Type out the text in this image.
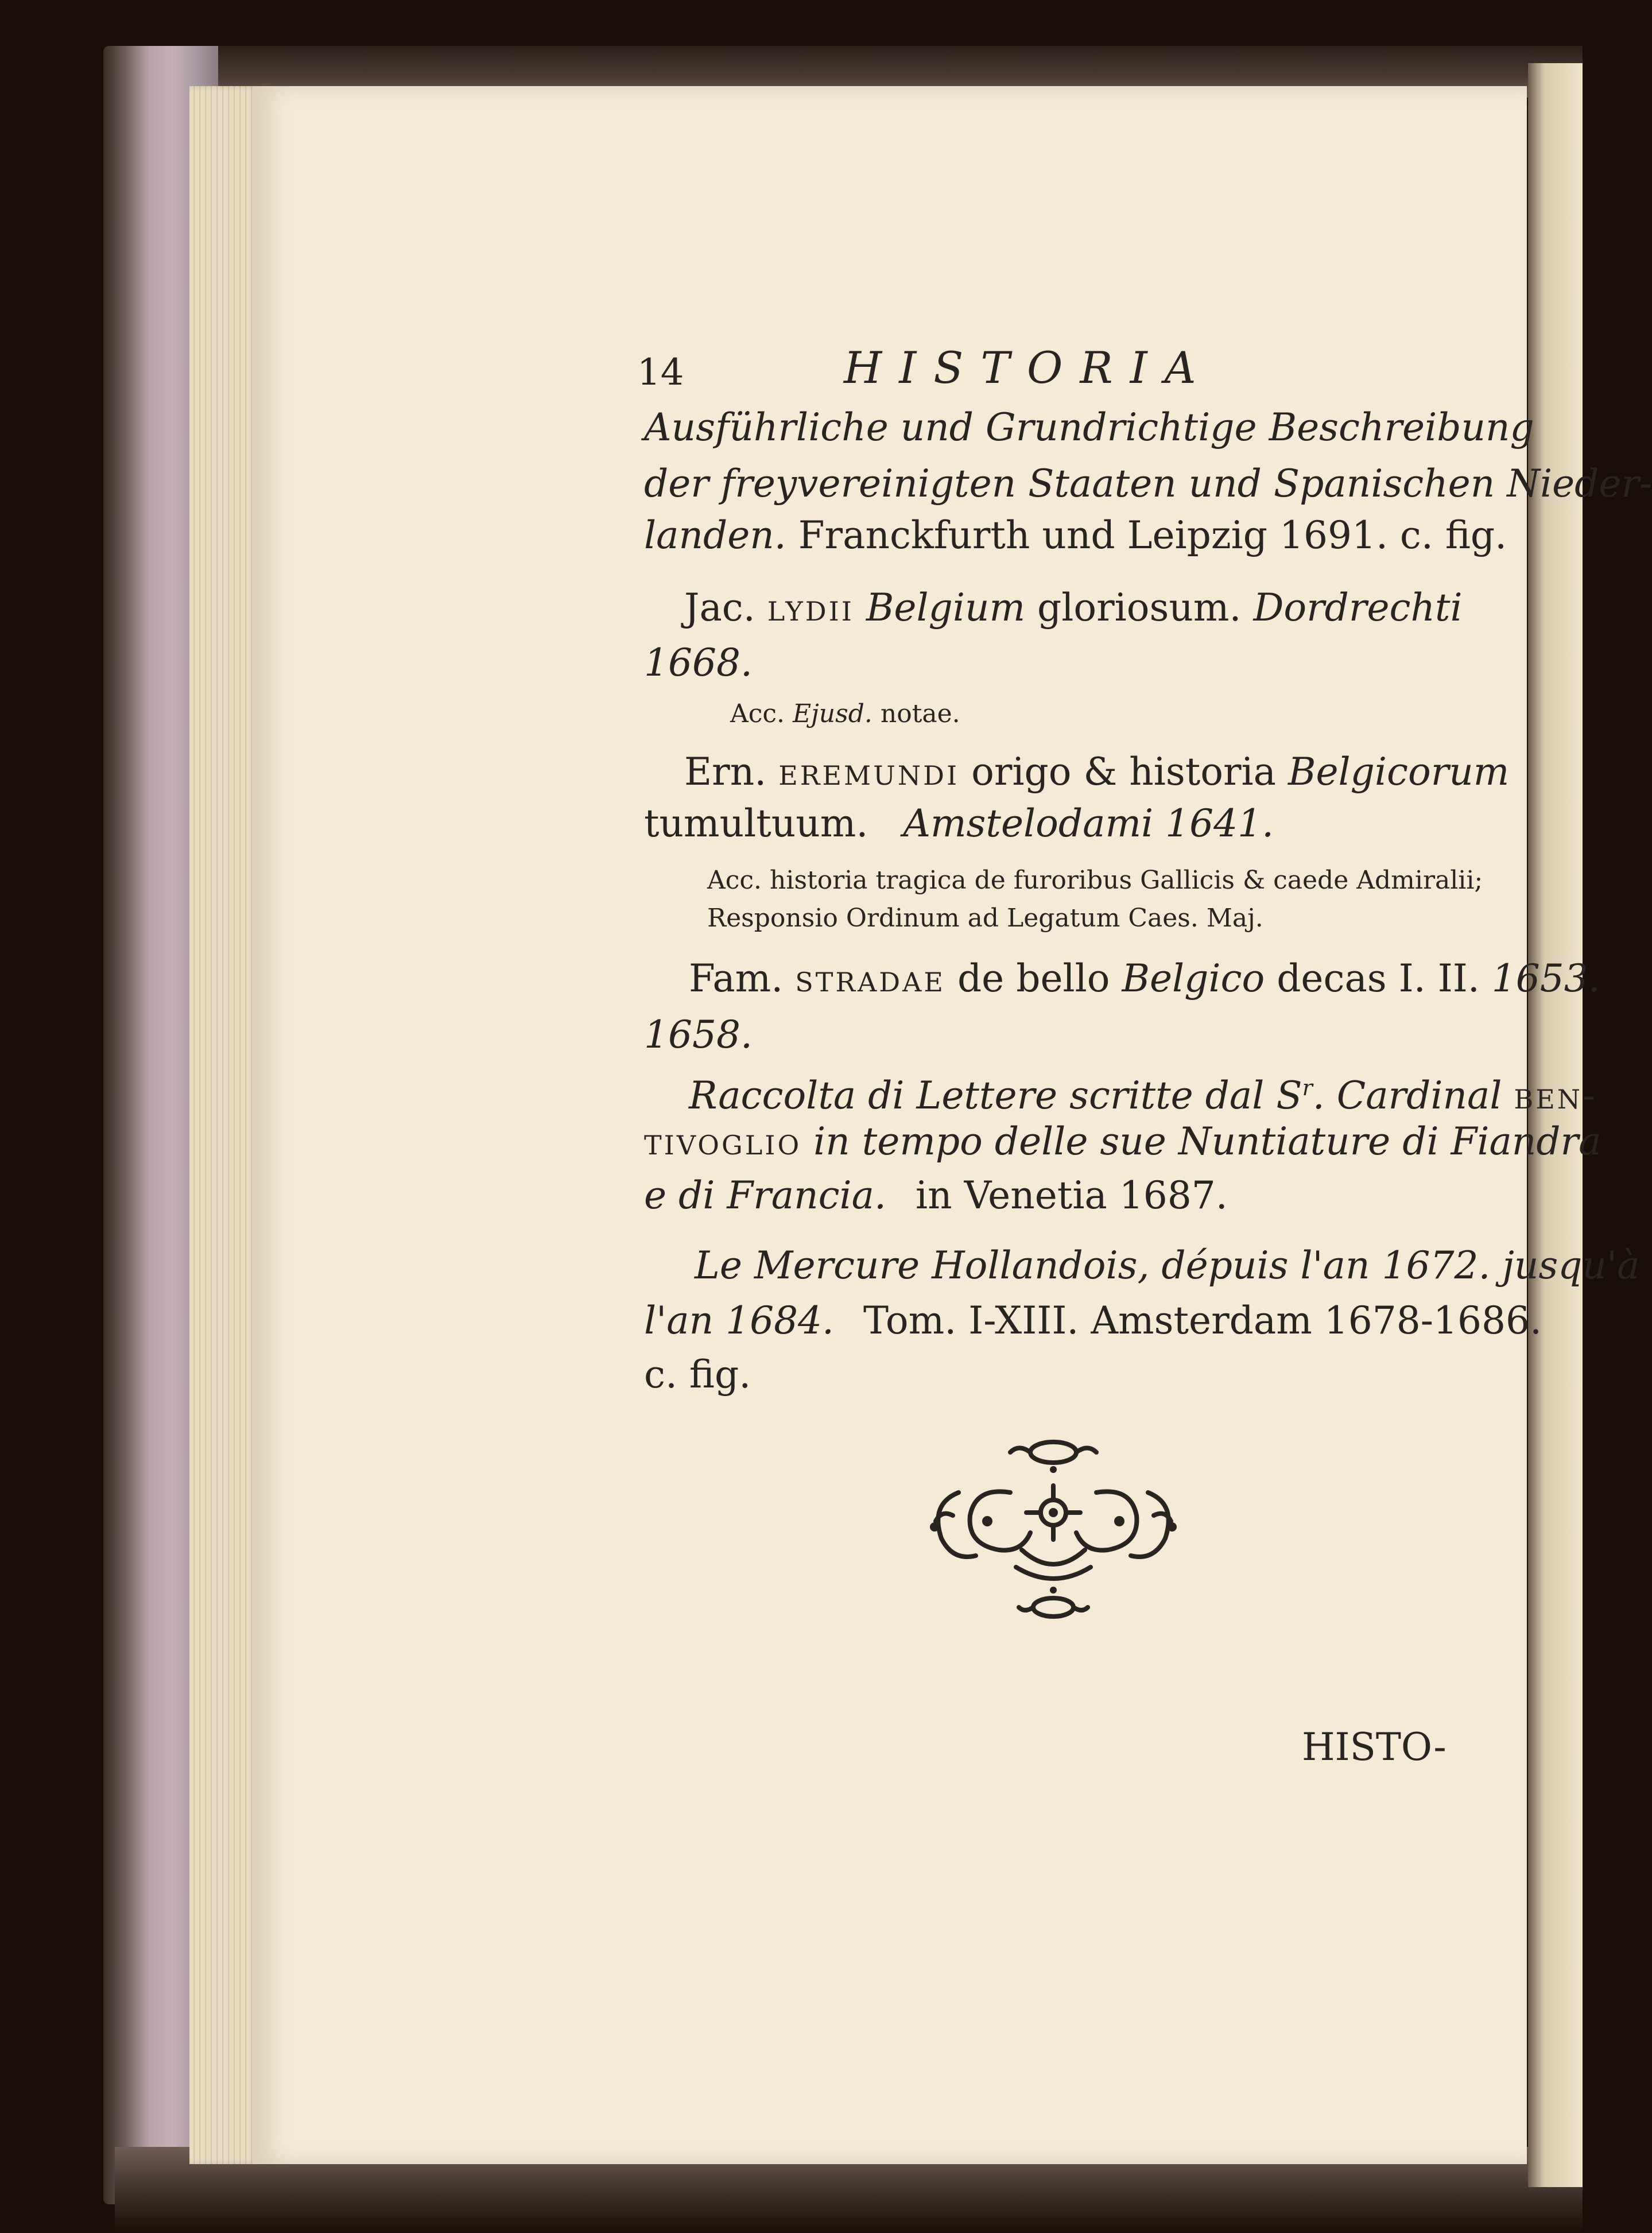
14	HISTORIA
Ausführliche und Grundrichtige Beschreibung
der freyvereinigten Staaten und Spanischen Nieder-
landen. Franckfurth und Leipzig 1691. c. fig.
Jac. lydii Belgium gloriosum. Dordrechti
1668.
Acc. Ejusd. notae.
Ern. eremundi origo & historia Belgicorum
tumultuum. Amstelodami 1641.
Acc. historia tragica de furoribus Gallicis & caede Admiralii;
Responsio Ordinum ad Legatum Caes. Maj.
Fam. stradae de bello Belgico decas I. II. 1653.
1658.
Raccolta di Lettere scritte dal $S^r$. Cardinal ben-
tivoglio in tempo delle sue Nuntiature di Fiandra
e di Francia. in Venetia 1687.
Le Mercure Hollandois, dépuis l'an 1672. jusqu'à
l'an 1684. Tom. I-XIII. Amsterdam 1678-1686.
c. fig.
HISTO-
